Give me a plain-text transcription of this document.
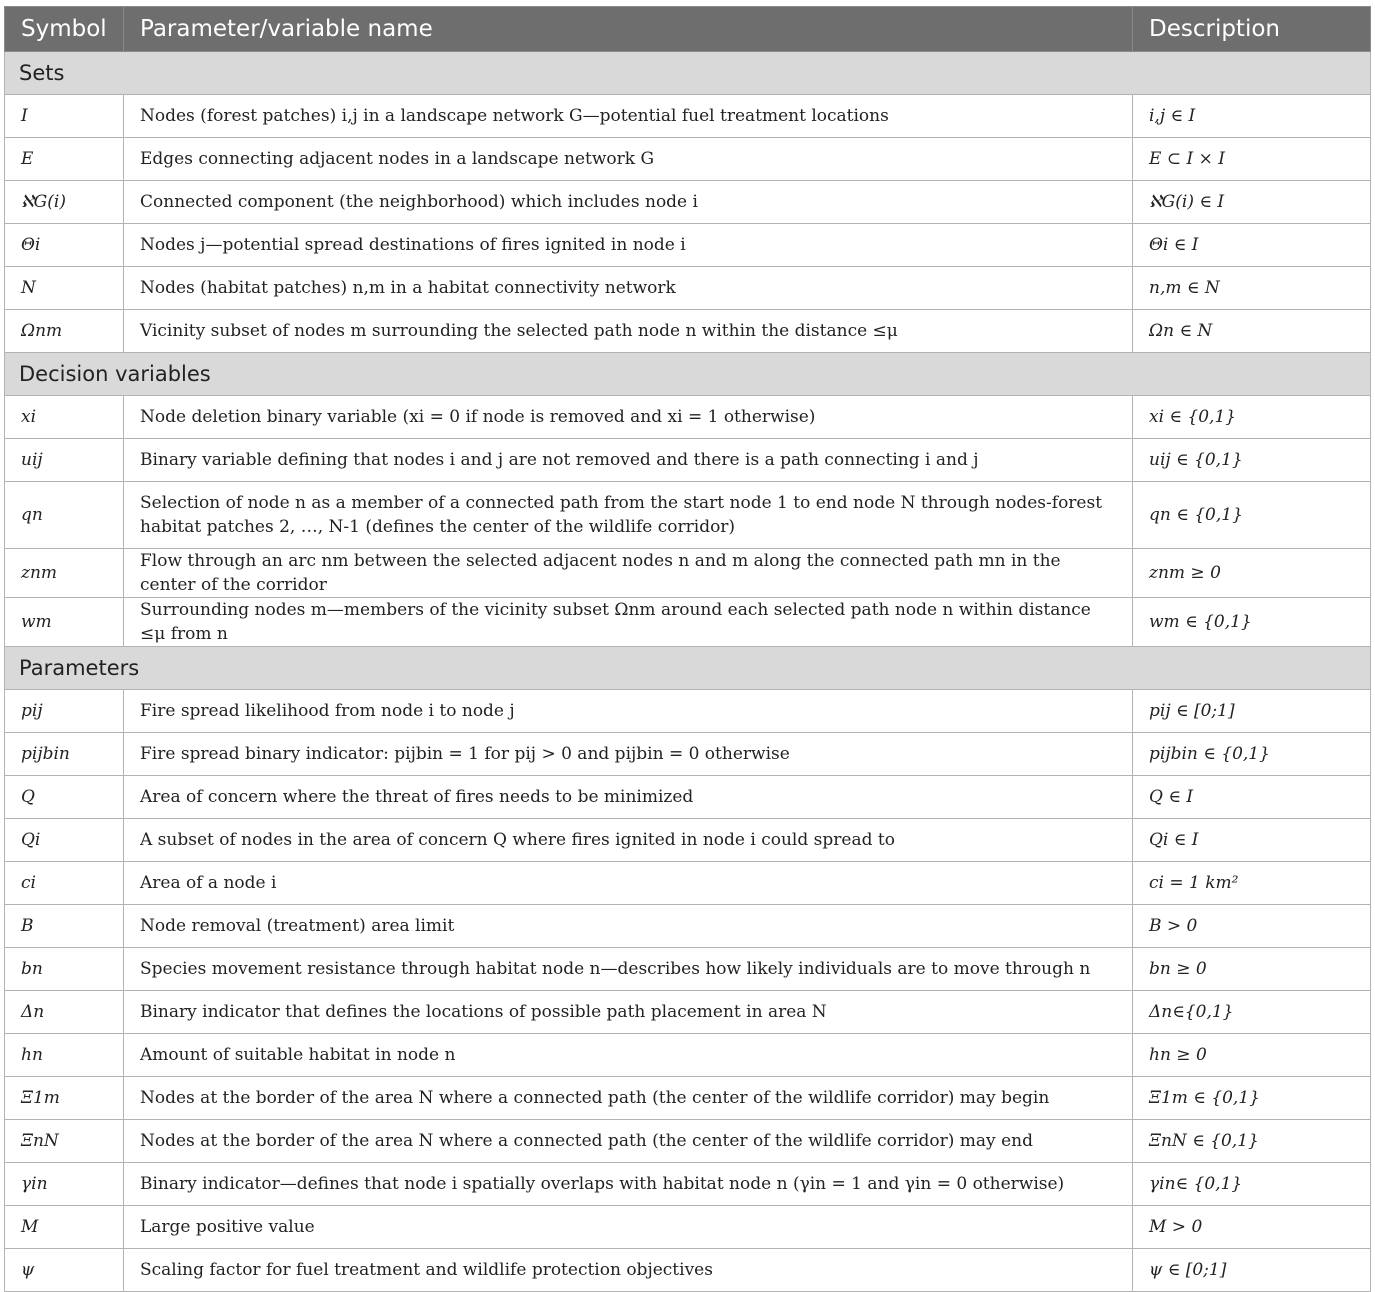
Symbol	Parameter/variable name	Description
Sets		
I	Nodes (forest patches) i,j in a landscape network G—potential fuel treatment locations	i,j ∈ I
E	Edges connecting adjacent nodes in a landscape network G	E ⊂ I × I
ℵG(i)	Connected component (the neighborhood) which includes node i	ℵG(i) ∈ I
Θi	Nodes j—potential spread destinations of fires ignited in node i	Θi ∈ I
N	Nodes (habitat patches) n,m in a habitat connectivity network	n,m ∈ N
Ωnm	Vicinity subset of nodes m surrounding the selected path node n within the distance ≤μ	Ωn ∈ N
Decision variables		
xi	Node deletion binary variable (xi = 0 if node is removed and xi = 1 otherwise)	xi ∈ {0,1}
uij	Binary variable defining that nodes i and j are not removed and there is a path connecting i and j	uij ∈ {0,1}
qn	Selection of node n as a member of a connected path from the start node 1 to end node N through nodes-forest habitat patches 2, …, N-1 (defines the center of the wildlife corridor)	qn ∈ {0,1}
znm	Flow through an arc nm between the selected adjacent nodes n and m along the connected path mn in the center of the corridor	znm ≥ 0
wm	Surrounding nodes m—members of the vicinity subset Ωnm around each selected path node n within distance ≤μ from n	wm ∈ {0,1}
Parameters		
pij	Fire spread likelihood from node i to node j	pij ∈ [0;1]
pijbin	Fire spread binary indicator: pijbin = 1 for pij > 0 and pijbin = 0 otherwise	pijbin ∈ {0,1}
Q	Area of concern where the threat of fires needs to be minimized	Q ∈ I
Qi	A subset of nodes in the area of concern Q where fires ignited in node i could spread to	Qi ∈ I
ci	Area of a node i	ci = 1 km²
B	Node removal (treatment) area limit	B > 0
bn	Species movement resistance through habitat node n—describes how likely individuals are to move through n	bn ≥ 0
Δn	Binary indicator that defines the locations of possible path placement in area N	Δn∈{0,1}
hn	Amount of suitable habitat in node n	hn ≥ 0
Ξ1m	Nodes at the border of the area N where a connected path (the center of the wildlife corridor) may begin	Ξ1m ∈ {0,1}
ΞnN	Nodes at the border of the area N where a connected path (the center of the wildlife corridor) may end	ΞnN ∈ {0,1}
γin	Binary indicator—defines that node i spatially overlaps with habitat node n (γin = 1 and γin = 0 otherwise)	γin∈ {0,1}
M	Large positive value	M > 0
ψ	Scaling factor for fuel treatment and wildlife protection objectives	ψ ∈ [0;1]
